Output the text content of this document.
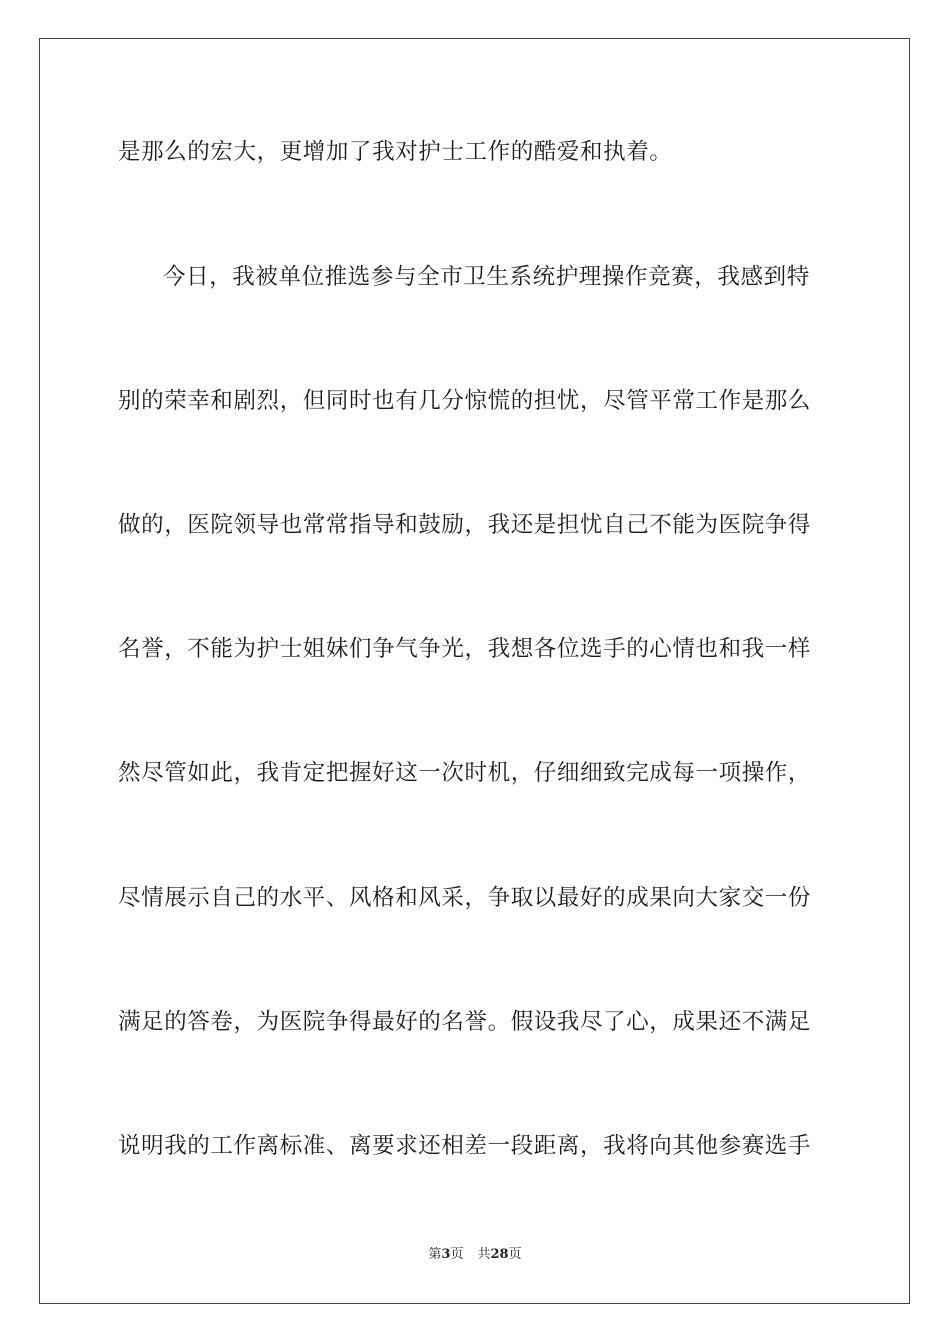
是那么的宏大，更增加了我对护士工作的酷爱和执着。
今日，我被单位推选参与全市卫生系统护理操作竞赛，我感到特
别的荣幸和剧烈，但同时也有几分惊慌的担忧，尽管平常工作是那么
做的，医院领导也常常指导和鼓励，我还是担忧自己不能为医院争得
名誉，不能为护士姐妹们争气争光，我想各位选手的心情也和我一样
然尽管如此，我肯定把握好这一次时机，仔细细致完成每一项操作，
尽情展示自己的水平、风格和风采，争取以最好的成果向大家交一份
满足的答卷，为医院争得最好的名誉。假设我尽了心，成果还不满足
说明我的工作离标准、离要求还相差一段距离，我将向其他参赛选手
第3页 共28页
